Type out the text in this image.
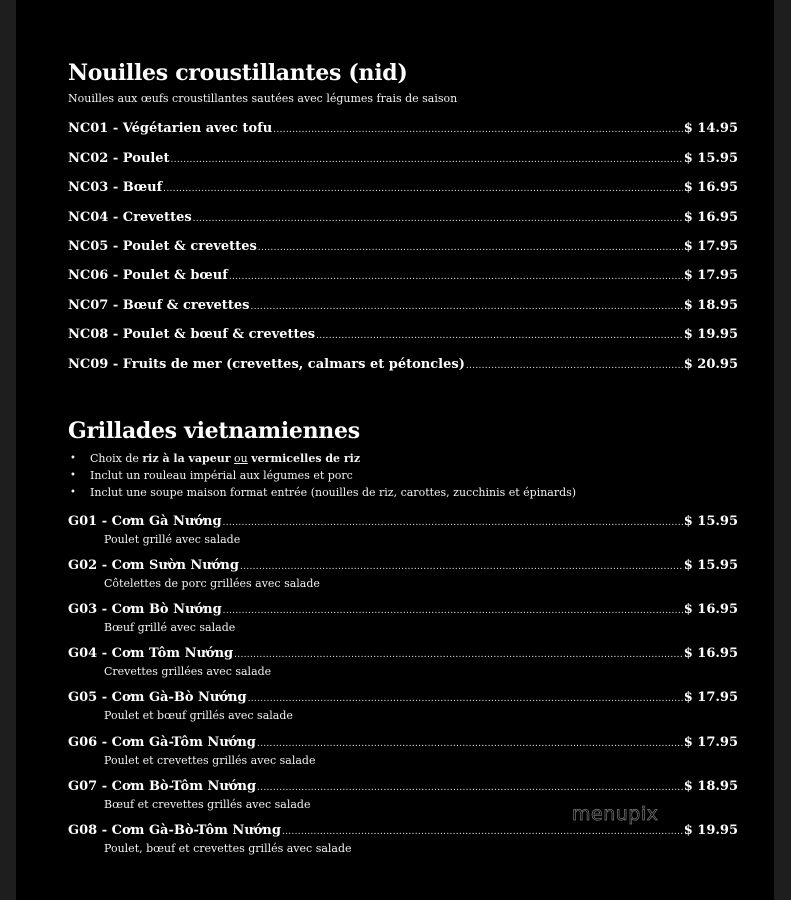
Nouilles croustillantes (nid)
Nouilles aux œufs croustillantes sautées avec légumes frais de saison
NC01 - Végétarien avec tofu .....	$ 14.95
NC02 - Poulet .....	$ 15.95
NC03 - Bœuf .....	$ 16.95
NC04 - Crevettes .....	$ 16.95
NC05 - Poulet & crevettes .....	$ 17.95
NC06 - Poulet & bœuf .....	$ 17.95
NC07 - Bœuf & crevettes .....	$ 18.95
NC08 - Poulet & bœuf & crevettes .....	$ 19.95
NC09 - Fruits de mer (crevettes, calmars et pétoncles) .....	$ 20.95
Grillades vietnamiennes
• Choix de riz à la vapeur ou vermicelles de riz
• Inclut un rouleau impérial aux légumes et porc
• Inclut une soupe maison format entrée (nouilles de riz, carottes, zucchinis et épinards)
G01 - Cơm Gà Nướng .....	$ 15.95
Poulet grillé avec salade
G02 - Cơm Sườn Nướng .....	$ 15.95
Côtelettes de porc grillées avec salade
G03 - Cơm Bò Nướng .....	$ 16.95
Bœuf grillé avec salade
G04 - Cơm Tôm Nướng .....	$ 16.95
Crevettes grillées avec salade
G05 - Cơm Gà-Bò Nướng .....	$ 17.95
Poulet et bœuf grillés avec salade
G06 - Cơm Gà-Tôm Nướng .....	$ 17.95
Poulet et crevettes grillés avec salade
G07 - Cơm Bò-Tôm Nướng .....	$ 18.95
Bœuf et crevettes grillés avec salade
G08 - Cơm Gà-Bò-Tôm Nướng .....	$ 19.95
Poulet, bœuf et crevettes grillés avec salade
menupix
